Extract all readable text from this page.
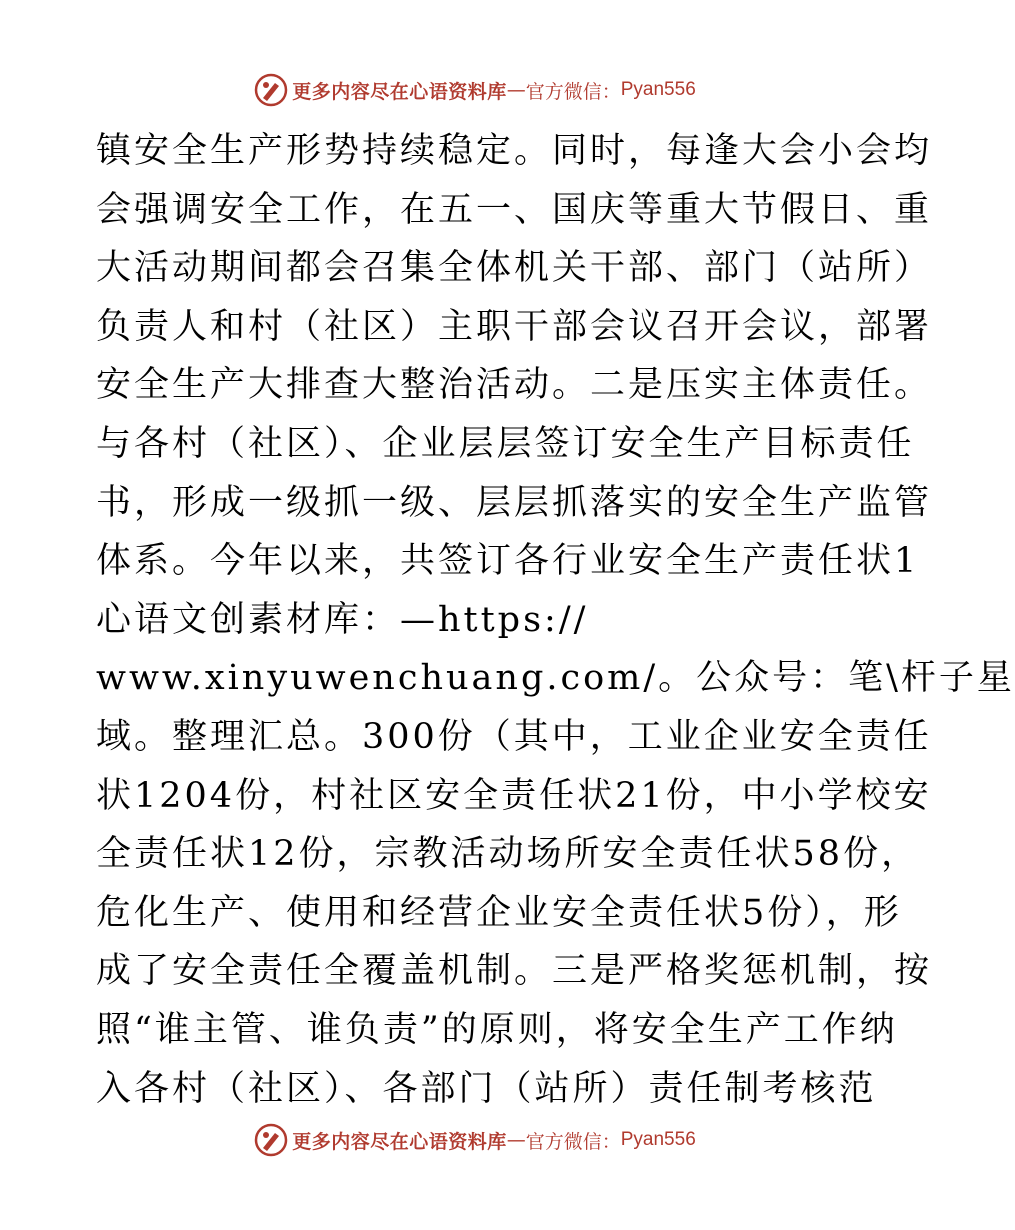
更多内容尽在心语资料库 — 官方微信： Pyan556
镇安全生产形势持续稳定。同时，每逢大会小会均
会强调安全工作，在五一、国庆等重大节假日、重
大活动期间都会召集全体机关干部、部门（站所）
负责人和村（社区）主职干部会议召开会议，部署
安全生产大排查大整治活动。二是压实主体责任。
与各村（社区）、企业层层签订安全生产目标责任
书，形成一级抓一级、层层抓落实的安全生产监管
体系。今年以来，共签订各行业安全生产责任状1
心语文创素材库：—https://
www.xinyuwenchuang.com/。公众号：笔\杆子星
域。整理汇总。300份（其中，工业企业安全责任
状1204份，村社区安全责任状21份，中小学校安
全责任状12份，宗教活动场所安全责任状58份，
危化生产、使用和经营企业安全责任状5份），形
成了安全责任全覆盖机制。三是严格奖惩机制，按
照“谁主管、谁负责”的原则，将安全生产工作纳
入各村（社区）、各部门（站所）责任制考核范
更多内容尽在心语资料库 — 官方微信： Pyan556
